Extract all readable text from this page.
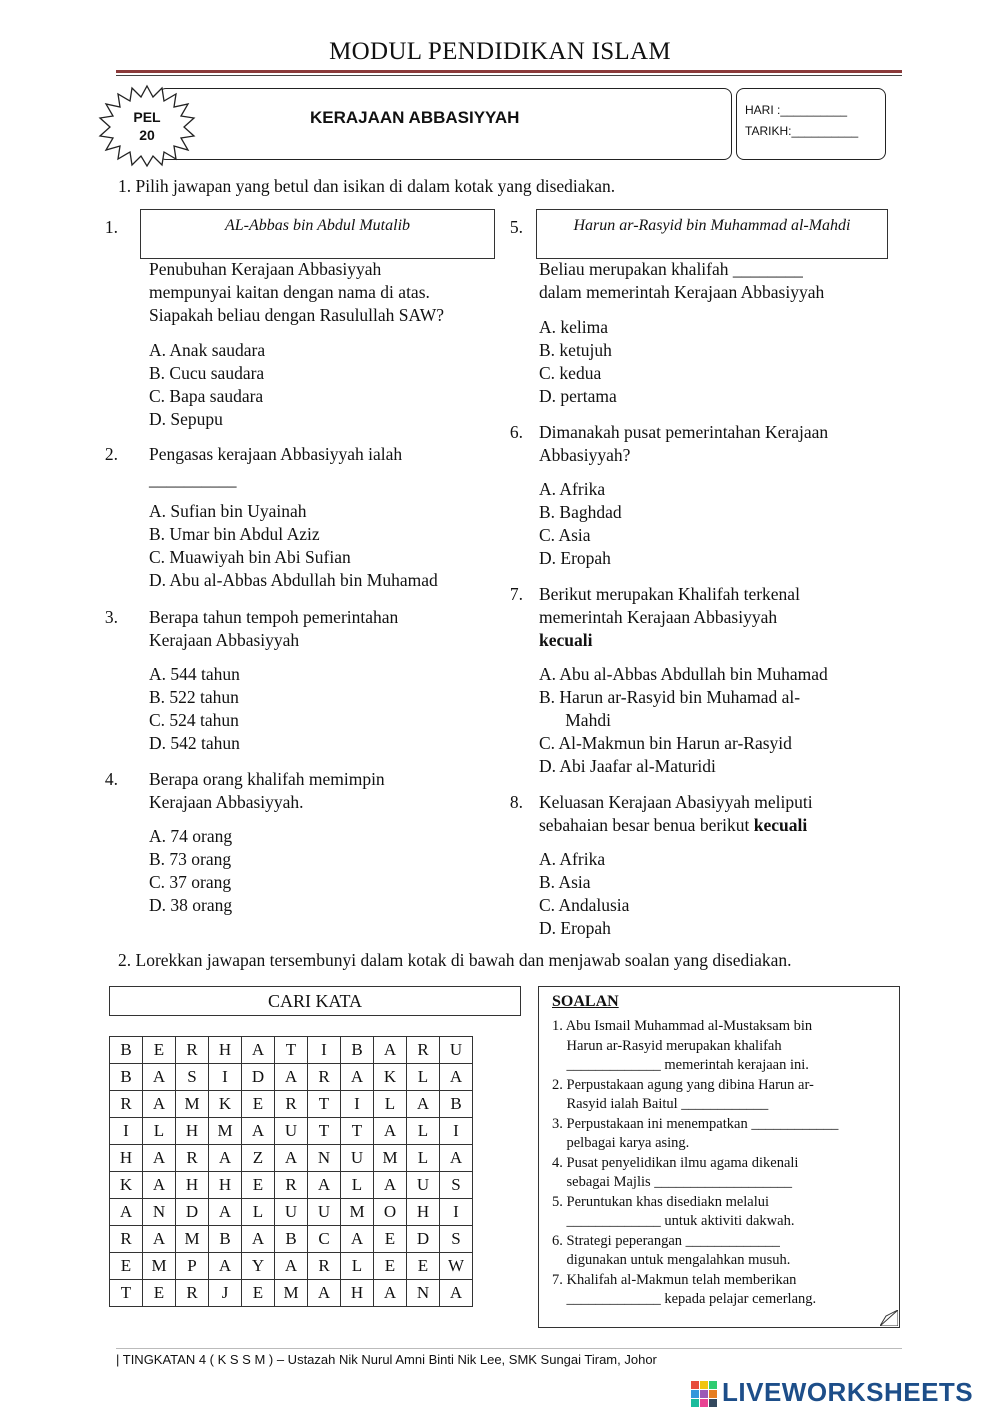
MODUL PENDIDIKAN ISLAM
PEL
20
KERAJAAN ABBASIYYAH	HARI :__________
TARIKH:__________
1. Pilih jawapan yang betul dan isikan di dalam kotak yang disediakan.
1.	AL-Abbas bin Abdul Mutalib
Penubuhan Kerajaan Abbasiyyah
mempunyai kaitan dengan nama di atas.
Siapakah beliau dengan Rasulullah SAW?
A. Anak saudara
B. Cucu saudara
C. Bapa saudara
D. Sepupu
2. Pengasas kerajaan Abbasiyyah ialah
__________
A. Sufian bin Uyainah
B. Umar bin Abdul Aziz
C. Muawiyah bin Abi Sufian
D. Abu al-Abbas Abdullah bin Muhamad
3. Berapa tahun tempoh pemerintahan
Kerajaan Abbasiyyah
A. 544 tahun
B. 522 tahun
C. 524 tahun
D. 542 tahun
4. Berapa orang khalifah memimpin
Kerajaan Abbasiyyah.
A. 74 orang
B. 73 orang
C. 37 orang
D. 38 orang
5.	Harun ar-Rasyid bin Muhammad al-Mahdi
Beliau merupakan khalifah ________
dalam memerintah Kerajaan Abbasiyyah
A. kelima
B. ketujuh
C. kedua
D. pertama
6. Dimanakah pusat pemerintahan Kerajaan
Abbasiyyah?
A. Afrika
B. Baghdad
C. Asia
D. Eropah
7. Berikut merupakan Khalifah terkenal
memerintah Kerajaan Abbasiyyah
kecuali
A. Abu al-Abbas Abdullah bin Muhamad
B. Harun ar-Rasyid bin Muhamad al-
Mahdi
C. Al-Makmun bin Harun ar-Rasyid
D. Abi Jaafar al-Maturidi
8. Keluasan Kerajaan Abasiyyah meliputi
sebahaian besar benua berikut kecuali
A. Afrika
B. Asia
C. Andalusia
D. Eropah
2. Lorekkan jawapan tersembunyi dalam kotak di bawah dan menjawab soalan yang disediakan.
CARI KATA
B	E	R	H	A	T	I	B	A	R	U
B	A	S	I	D	A	R	A	K	L	A
R	A	M	K	E	R	T	I	L	A	B
I	L	H	M	A	U	T	T	A	L	I
H	A	R	A	Z	A	N	U	M	L	A
K	A	H	H	E	R	A	L	A	U	S
A	N	D	A	L	U	U	M	O	H	I
R	A	M	B	A	B	C	A	E	D	S
E	M	P	A	Y	A	R	L	E	E	W
T	E	R	J	E	M	A	H	A	N	A
SOALAN
1. Abu Ismail Muhammad al-Mustaksam bin
Harun ar-Rasyid merupakan khalifah
_____________ memerintah kerajaan ini.
2. Perpustakaan agung yang dibina Harun ar-
Rasyid ialah Baitul ____________
3. Perpustakaan ini menempatkan ____________
pelbagai karya asing.
4. Pusat penyelidikan ilmu agama dikenali
sebagai Majlis ___________________
5. Peruntukan khas disediakn melalui
_____________ untuk aktiviti dakwah.
6. Strategi peperangan _____________
digunakan untuk mengalahkan musuh.
7. Khalifah al-Makmun telah memberikan
_____________ kepada pelajar cemerlang.
| TINGKATAN 4 ( K S S M ) – Ustazah Nik Nurul Amni Binti Nik Lee, SMK Sungai Tiram, Johor
LIVEWORKSHEETS
